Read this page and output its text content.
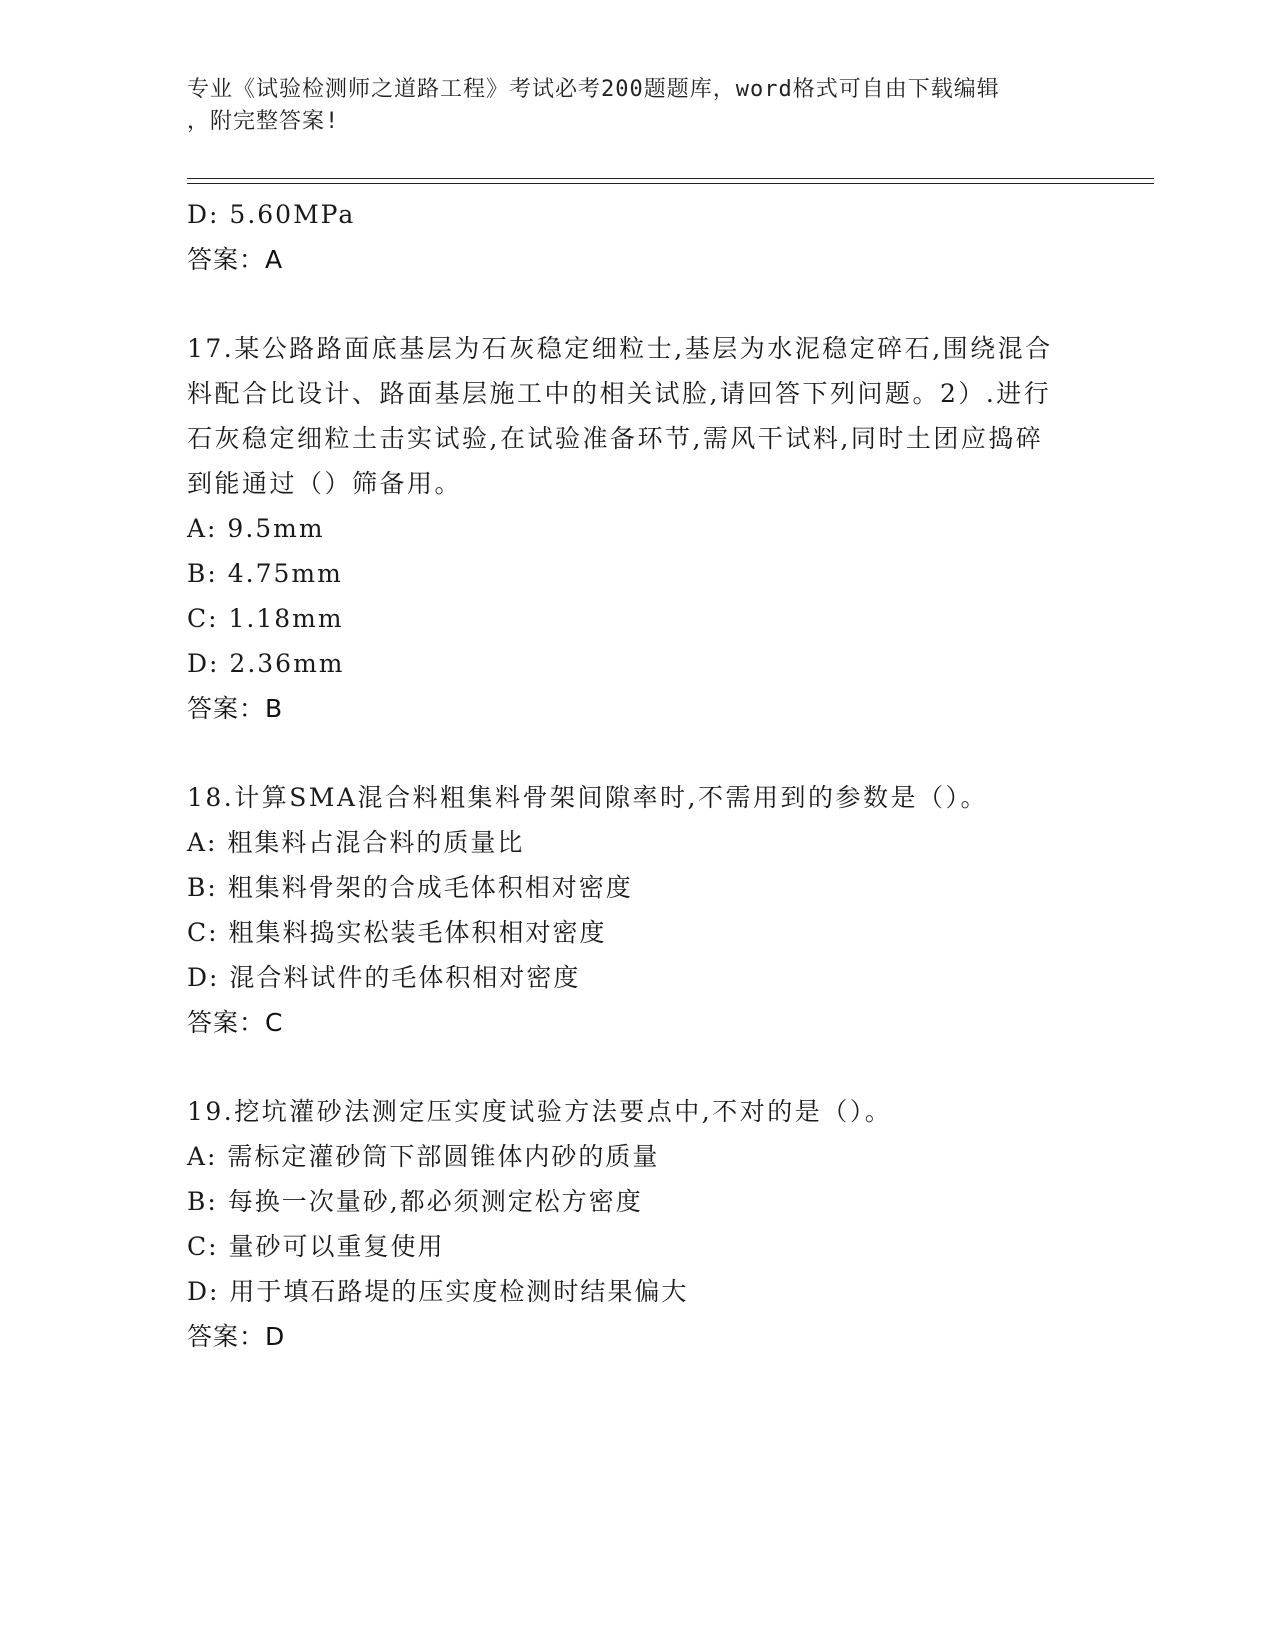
专业《试验检测师之道路工程》考试必考200题题库，word格式可自由下载编辑
，附完整答案!
D: 5.60MPa
答案：A
17.某公路路面底基层为石灰稳定细粒士,基层为水泥稳定碎石,围绕混合料配合比设计、路面基层施工中的相关试脸,请回答下列问题。2）.进行石灰稳定细粒土击实试验,在试验准备环节,需风干试料,同时土团应捣碎到能通过（）筛备用。
A: 9.5mm
B: 4.75mm
C: 1.18mm
D: 2.36mm
答案：B
18.计算SMA混合料粗集料骨架间隙率时,不需用到的参数是（）。
A: 粗集料占混合料的质量比
B: 粗集料骨架的合成毛体积相对密度
C: 粗集料捣实松装毛体积相对密度
D: 混合料试件的毛体积相对密度
答案：C
19.挖坑灌砂法测定压实度试验方法要点中,不对的是（）。
A: 需标定灌砂筒下部圆锥体内砂的质量
B: 每换一次量砂,都必须测定松方密度
C: 量砂可以重复使用
D: 用于填石路堤的压实度检测时结果偏大
答案：D
